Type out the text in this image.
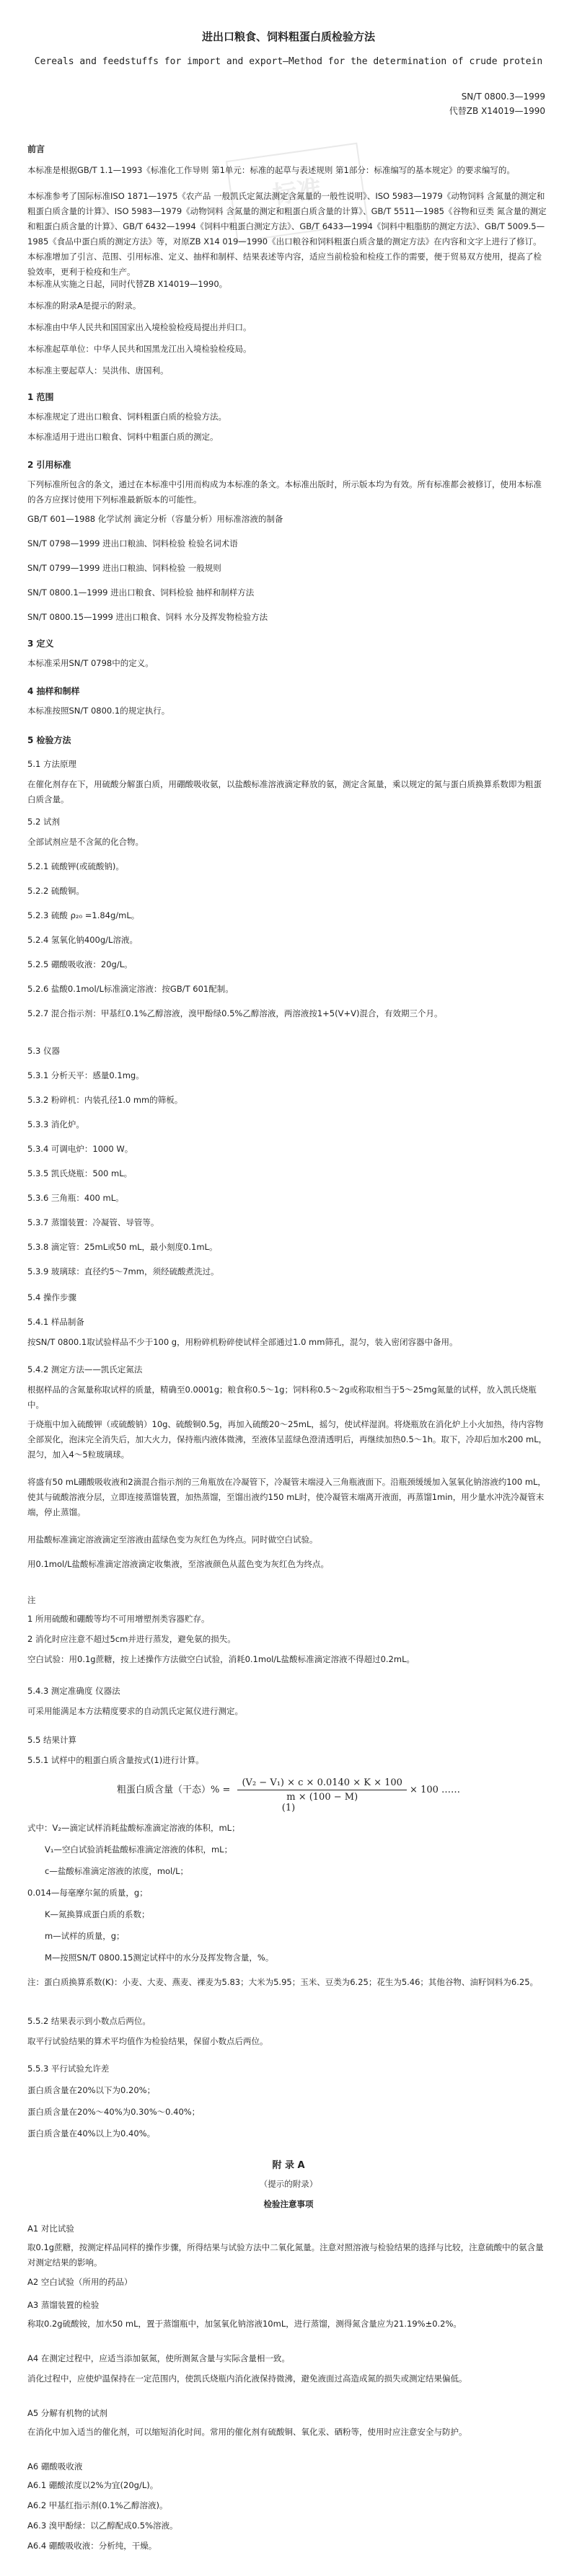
标准
进出口粮食、饲料粗蛋白质检验方法
Cereals and feedstuffs for import and export—Method for the determination of crude protein
SN/T 0800.3—1999
代替ZB X14019—1990
前言
本标准是根据GB/T 1.1—1993《标准化工作导则 第1单元：标准的起草与表述规则 第1部分：标准编写的基本规定》的要求编写的。
本标准参考了国际标准ISO 1871—1975《农产品 一般凯氏定氮法测定含氮量的一般性说明》、ISO 5983—1979《动物饲料 含氮量的测定和粗蛋白质含量的计算》、ISO 5983—1979《动物饲料 含氮量的测定和粗蛋白质含量的计算》、GB/T 5511—1985《谷物和豆类 氮含量的测定和粗蛋白质含量的计算》、GB/T 6432—1994《饲料中粗蛋白测定方法》、GB/T 6433—1994《饲料中粗脂肪的测定方法》、GB/T 5009.5—1985《食品中蛋白质的测定方法》等，对原ZB X14 019—1990《出口粮谷和饲料粗蛋白质含量的测定方法》在内容和文字上进行了修订。本标准增加了引言、范围、引用标准、定义、抽样和制样、结果表述等内容，适应当前检验和检疫工作的需要，便于贸易双方使用，提高了检验效率，更利于检疫和生产。
本标准从实施之日起，同时代替ZB X14019—1990。
本标准的附录A是提示的附录。
本标准由中华人民共和国国家出入境检验检疫局提出并归口。
本标准起草单位：中华人民共和国黑龙江出入境检验检疫局。
本标准主要起草人：吴洪伟、唐国利。
1 范围
本标准规定了进出口粮食、饲料粗蛋白质的检验方法。
本标准适用于进出口粮食、饲料中粗蛋白质的测定。
2 引用标准
下列标准所包含的条文，通过在本标准中引用而构成为本标准的条文。本标准出版时，所示版本均为有效。所有标准都会被修订，使用本标准的各方应探讨使用下列标准最新版本的可能性。
GB/T 601—1988 化学试剂 滴定分析（容量分析）用标准溶液的制备
SN/T 0798—1999 进出口粮油、饲料检验 检验名词术语
SN/T 0799—1999 进出口粮油、饲料检验 一般规则
SN/T 0800.1—1999 进出口粮食、饲料检验 抽样和制样方法
SN/T 0800.15—1999 进出口粮食、饲料 水分及挥发物检验方法
3 定义
本标准采用SN/T 0798中的定义。
4 抽样和制样
本标准按照SN/T 0800.1的规定执行。
5 检验方法
5.1 方法原理
在催化剂存在下，用硫酸分解蛋白质，用硼酸吸收氨，以盐酸标准溶液滴定释放的氨，测定含氮量，乘以规定的氮与蛋白质换算系数即为粗蛋白质含量。
5.2 试剂
全部试剂应是不含氮的化合物。
5.2.1 硫酸钾(或硫酸钠)。
5.2.2 硫酸铜。
5.2.3 硫酸 ρ₂₀ =1.84g/mL。
5.2.4 氢氧化钠400g/L溶液。
5.2.5 硼酸吸收液：20g/L。
5.2.6 盐酸0.1mol/L标准滴定溶液：按GB/T 601配制。
5.2.7 混合指示剂：甲基红0.1%乙醇溶液，溴甲酚绿0.5%乙醇溶液，两溶液按1+5(V+V)混合，有效期三个月。
5.3 仪器
5.3.1 分析天平：感量0.1mg。
5.3.2 粉碎机：内装孔径1.0 mm的筛板。
5.3.3 消化炉。
5.3.4 可调电炉：1000 W。
5.3.5 凯氏烧瓶：500 mL。
5.3.6 三角瓶：400 mL。
5.3.7 蒸馏装置：冷凝管、导管等。
5.3.8 滴定管：25mL或50 mL，最小刻度0.1mL。
5.3.9 玻璃球：直径约5～7mm，须经硫酸煮洗过。
5.4 操作步骤
5.4.1 样品制备
按SN/T 0800.1取试验样品不少于100 g，用粉碎机粉碎使试样全部通过1.0 mm筛孔，混匀，装入密闭容器中备用。
5.4.2 测定方法——凯氏定氮法
根据样品的含氮量称取试样的质量，精确至0.0001g；粮食称0.5～1g；饲料称0.5～2g或称取相当于5～25mg氮量的试样，放入凯氏烧瓶中。
于烧瓶中加入硫酸钾（或硫酸钠）10g、硫酸铜0.5g，再加入硫酸20～25mL，摇匀，使试样湿润。将烧瓶放在消化炉上小火加热，待内容物全部炭化，泡沫完全消失后，加大火力，保持瓶内液体微沸，至液体呈蓝绿色澄清透明后，再继续加热0.5～1h。取下，冷却后加水200 mL，混匀，加入4～5粒玻璃球。
将盛有50 mL硼酸吸收液和2滴混合指示剂的三角瓶放在冷凝管下，冷凝管末端浸入三角瓶液面下。沿瓶颈缓缓加入氢氧化钠溶液约100 mL，使其与硫酸溶液分层，立即连接蒸馏装置，加热蒸馏，至馏出液约150 mL时，使冷凝管末端离开液面，再蒸馏1min，用少量水冲洗冷凝管末端，停止蒸馏。
用盐酸标准滴定溶液滴定至溶液由蓝绿色变为灰红色为终点。同时做空白试验。
用0.1mol/L盐酸标准滴定溶液滴定收集液，至溶液颜色从蓝色变为灰红色为终点。
注
1 所用硫酸和硼酸等均不可用增塑剂类容器贮存。
2 消化时应注意不超过5cm并进行蒸发，避免氨的损失。
空白试验：用0.1g蔗糖，按上述操作方法做空白试验，消耗0.1mol/L盐酸标准滴定溶液不得超过0.2mL。
5.4.3 测定准确度 仪器法
可采用能满足本方法精度要求的自动凯氏定氮仪进行测定。
5.5 结果计算
5.5.1 试样中的粗蛋白质含量按式(1)进行计算。
粗蛋白质含量（干态）% = $\frac{\text{(V₂ − V₁) × c × 0.0140 × K × 100}}{m \times (100 - M)} \times 100$ ……(1)
式中：V₂—滴定试样消耗盐酸标准滴定溶液的体积，mL；
V₁—空白试验消耗盐酸标准滴定溶液的体积，mL；
c—盐酸标准滴定溶液的浓度，mol/L；
0.014—每毫摩尔氮的质量，g；
K—氮换算成蛋白质的系数；
m—试样的质量，g；
M—按照SN/T 0800.15测定试样中的水分及挥发物含量，%。
注：蛋白质换算系数(K)：小麦、大麦、燕麦、裸麦为5.83；大米为5.95；玉米、豆类为6.25；花生为5.46；其他谷物、油籽饲料为6.25。
5.5.2 结果表示到小数点后两位。
取平行试验结果的算术平均值作为检验结果，保留小数点后两位。
5.5.3 平行试验允许差
蛋白质含量在20%以下为0.20%；
蛋白质含量在20%～40%为0.30%～0.40%；
蛋白质含量在40%以上为0.40%。
附 录 A
（提示的附录）
检验注意事项
A1 对比试验
取0.1g蔗糖，按测定样品同样的操作步骤，所得结果与试验方法中二氧化氮量。注意对照溶液与检验结果的选择与比较，注意硫酸中的氨含量对测定结果的影响。
A2 空白试验（所用的药品）
A3 蒸馏装置的检验
称取0.2g硫酸铵，加水50 mL，置于蒸馏瓶中，加氢氧化钠溶液10mL，进行蒸馏，测得氮含量应为21.19%±0.2%。
A4 在测定过程中，应适当添加氨氮，使所测氮含量与实际含量相一致。
消化过程中，应使炉温保持在一定范围内，使凯氏烧瓶内消化液保持微沸，避免液面过高造成氮的损失或测定结果偏低。
A5 分解有机物的试剂
在消化中加入适当的催化剂，可以缩短消化时间。常用的催化剂有硫酸铜、氧化汞、硒粉等，使用时应注意安全与防护。
A6 硼酸吸收液
A6.1 硼酸浓度以2%为宜(20g/L)。
A6.2 甲基红指示剂(0.1%乙醇溶液)。
A6.3 溴甲酚绿：以乙醇配成0.5%溶液。
A6.4 硼酸吸收液：分析纯，干燥。
